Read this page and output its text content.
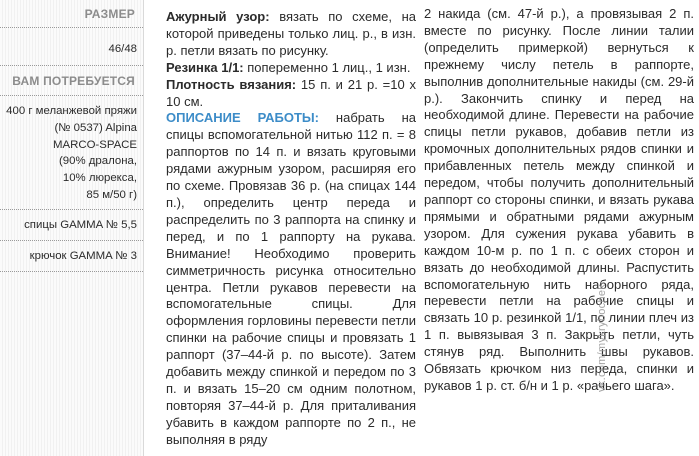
РАЗМЕР
46/48
ВАМ ПОТРЕБУЕТСЯ
400 г меланжевой пряжи
(№ 0537) Alpina
MARCO-SPACE
(90% дралона,
10% люрекса,
85 м/50 г)
спицы GAMMA № 5,5
крючок GAMMA № 3

Ажурный узор: вязать по схеме, на которой приведены только лиц. р., в изн. р. петли вязать по рисунку.

Резинка 1/1: попеременно 1 лиц., 1 изн.

Плотность вязания: 15 п. и 21 р. =10 х 10 см.

ОПИСАНИЕ РАБОТЫ: набрать на спицы вспомогательной нитью 112 п. = 8 раппортов по 14 п. и вязать круговыми рядами ажурным узором, расширяя его по схеме. Провязав 36 р. (на спицах 144 п.), определить центр переда и распределить по 3 раппорта на спинку и перед, и по 1 раппорту на рукава. Внимание! Необходимо проверить симметричность рисунка относительно центра. Петли рукавов перевести на вспомогательные спицы. Для оформления горловины перевести петли спинки на рабочие спицы и провязать 1 раппорт (37–44-й р. по высоте). Затем добавить между спинкой и передом по 3 п. и вязать 15–20 см одним полотном, повторяя 37–44-й р. Для приталивания убавить в каждом раппорте по 2 п., не выполняя в ряду

2 накида (см. 47-й р.), а провязывая 2 п. вместе по рисунку. После линии талии (определить примеркой) вернуться к прежнему числу петель в раппорте, выполнив дополнительные накиды (см. 29-й р.). Закончить спинку и перед на необходимой длине. Перевести на рабочие спицы петли рукавов, добавив петли из кромочных дополнительных рядов спинки и прибавленных петель между спинкой и передом, чтобы получить дополнительный раппорт со стороны спинки, и вязать рукава прямыми и обратными рядами ажурным узором. Для сужения рукава убавить в каждом 10-м р. по 1 п. с обеих сторон и вязать до необходимой длины. Распустить вспомогательную нить наборного ряда, перевести петли на рабочие спицы и связать 10 р. резинкой 1/1, по линии плеч из 1 п. вывязывая 3 п. Закрыть петли, чуть стянув ряд. Выполнить швы рукавов. Обвязать крючком низ переда, спинки и рукавов 1 р. ст. б/н и 1 р. «рачьего шага».

vk.com/mykrybochek
